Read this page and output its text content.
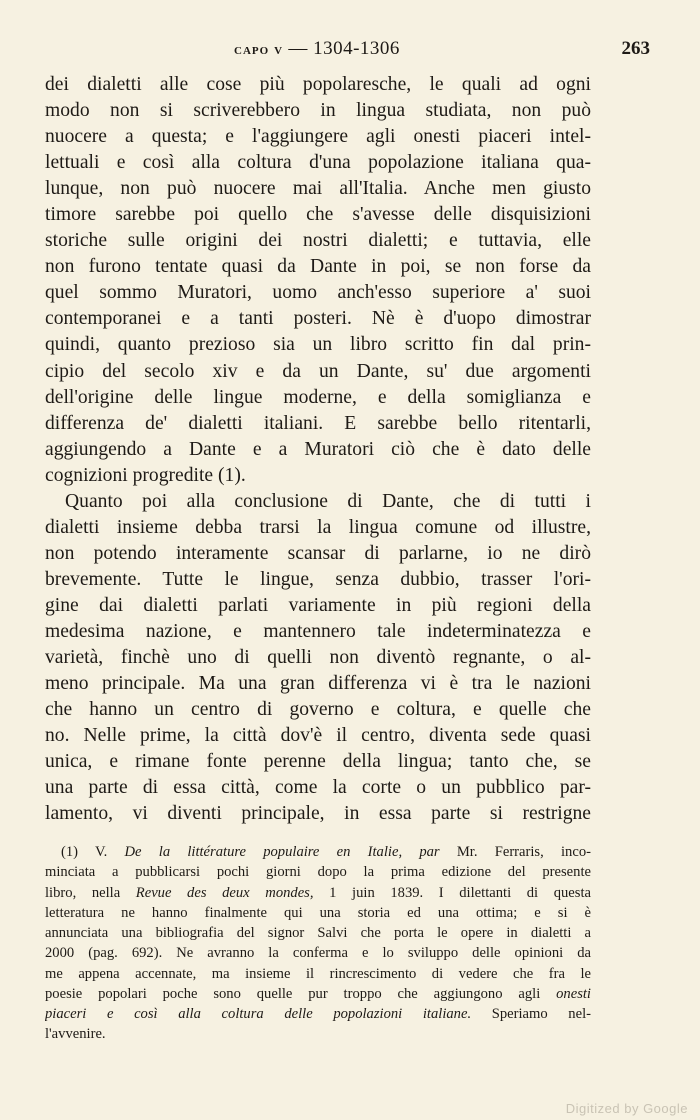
capo v — 1304-1306	263
dei dialetti alle cose più popolaresche, le quali ad ogni
modo non si scriverebbero in lingua studiata, non può
nuocere a questa; e l'aggiungere agli onesti piaceri intel-
lettuali e così alla coltura d'una popolazione italiana qua-
lunque, non può nuocere mai all'Italia. Anche men giusto
timore sarebbe poi quello che s'avesse delle disquisizioni
storiche sulle origini dei nostri dialetti; e tuttavia, elle
non furono tentate quasi da Dante in poi, se non forse da
quel sommo Muratori, uomo anch'esso superiore a' suoi
contemporanei e a tanti posteri. Nè è d'uopo dimostrar
quindi, quanto prezioso sia un libro scritto fin dal prin-
cipio del secolo xiv e da un Dante, su' due argomenti
dell'origine delle lingue moderne, e della somiglianza e
differenza de' dialetti italiani. E sarebbe bello ritentarli,
aggiungendo a Dante e a Muratori ciò che è dato delle
cognizioni progredite (1).
Quanto poi alla conclusione di Dante, che di tutti i
dialetti insieme debba trarsi la lingua comune od illustre,
non potendo interamente scansar di parlarne, io ne dirò
brevemente. Tutte le lingue, senza dubbio, trasser l'ori-
gine dai dialetti parlati variamente in più regioni della
medesima nazione, e mantennero tale indeterminatezza e
varietà, finchè uno di quelli non diventò regnante, o al-
meno principale. Ma una gran differenza vi è tra le nazioni
che hanno un centro di governo e coltura, e quelle che
no. Nelle prime, la città dov'è il centro, diventa sede quasi
unica, e rimane fonte perenne della lingua; tanto che, se
una parte di essa città, come la corte o un pubblico par-
lamento, vi diventi principale, in essa parte si restrigne
(1) V. De la littérature populaire en Italie, par Mr. Ferraris, inco-
minciata a pubblicarsi pochi giorni dopo la prima edizione del presente
libro, nella Revue des deux mondes, 1 juin 1839. I dilettanti di questa
letteratura ne hanno finalmente qui una storia ed una ottima; e si è
annunciata una bibliografia del signor Salvi che porta le opere in dialetti a
2000 (pag. 692). Ne avranno la conferma e lo sviluppo delle opinioni da
me appena accennate, ma insieme il rincrescimento di vedere che fra le
poesie popolari poche sono quelle pur troppo che aggiungono agli onesti
piaceri e così alla coltura delle popolazioni italiane. Speriamo nel-
l'avvenire.
Digitized by Google
